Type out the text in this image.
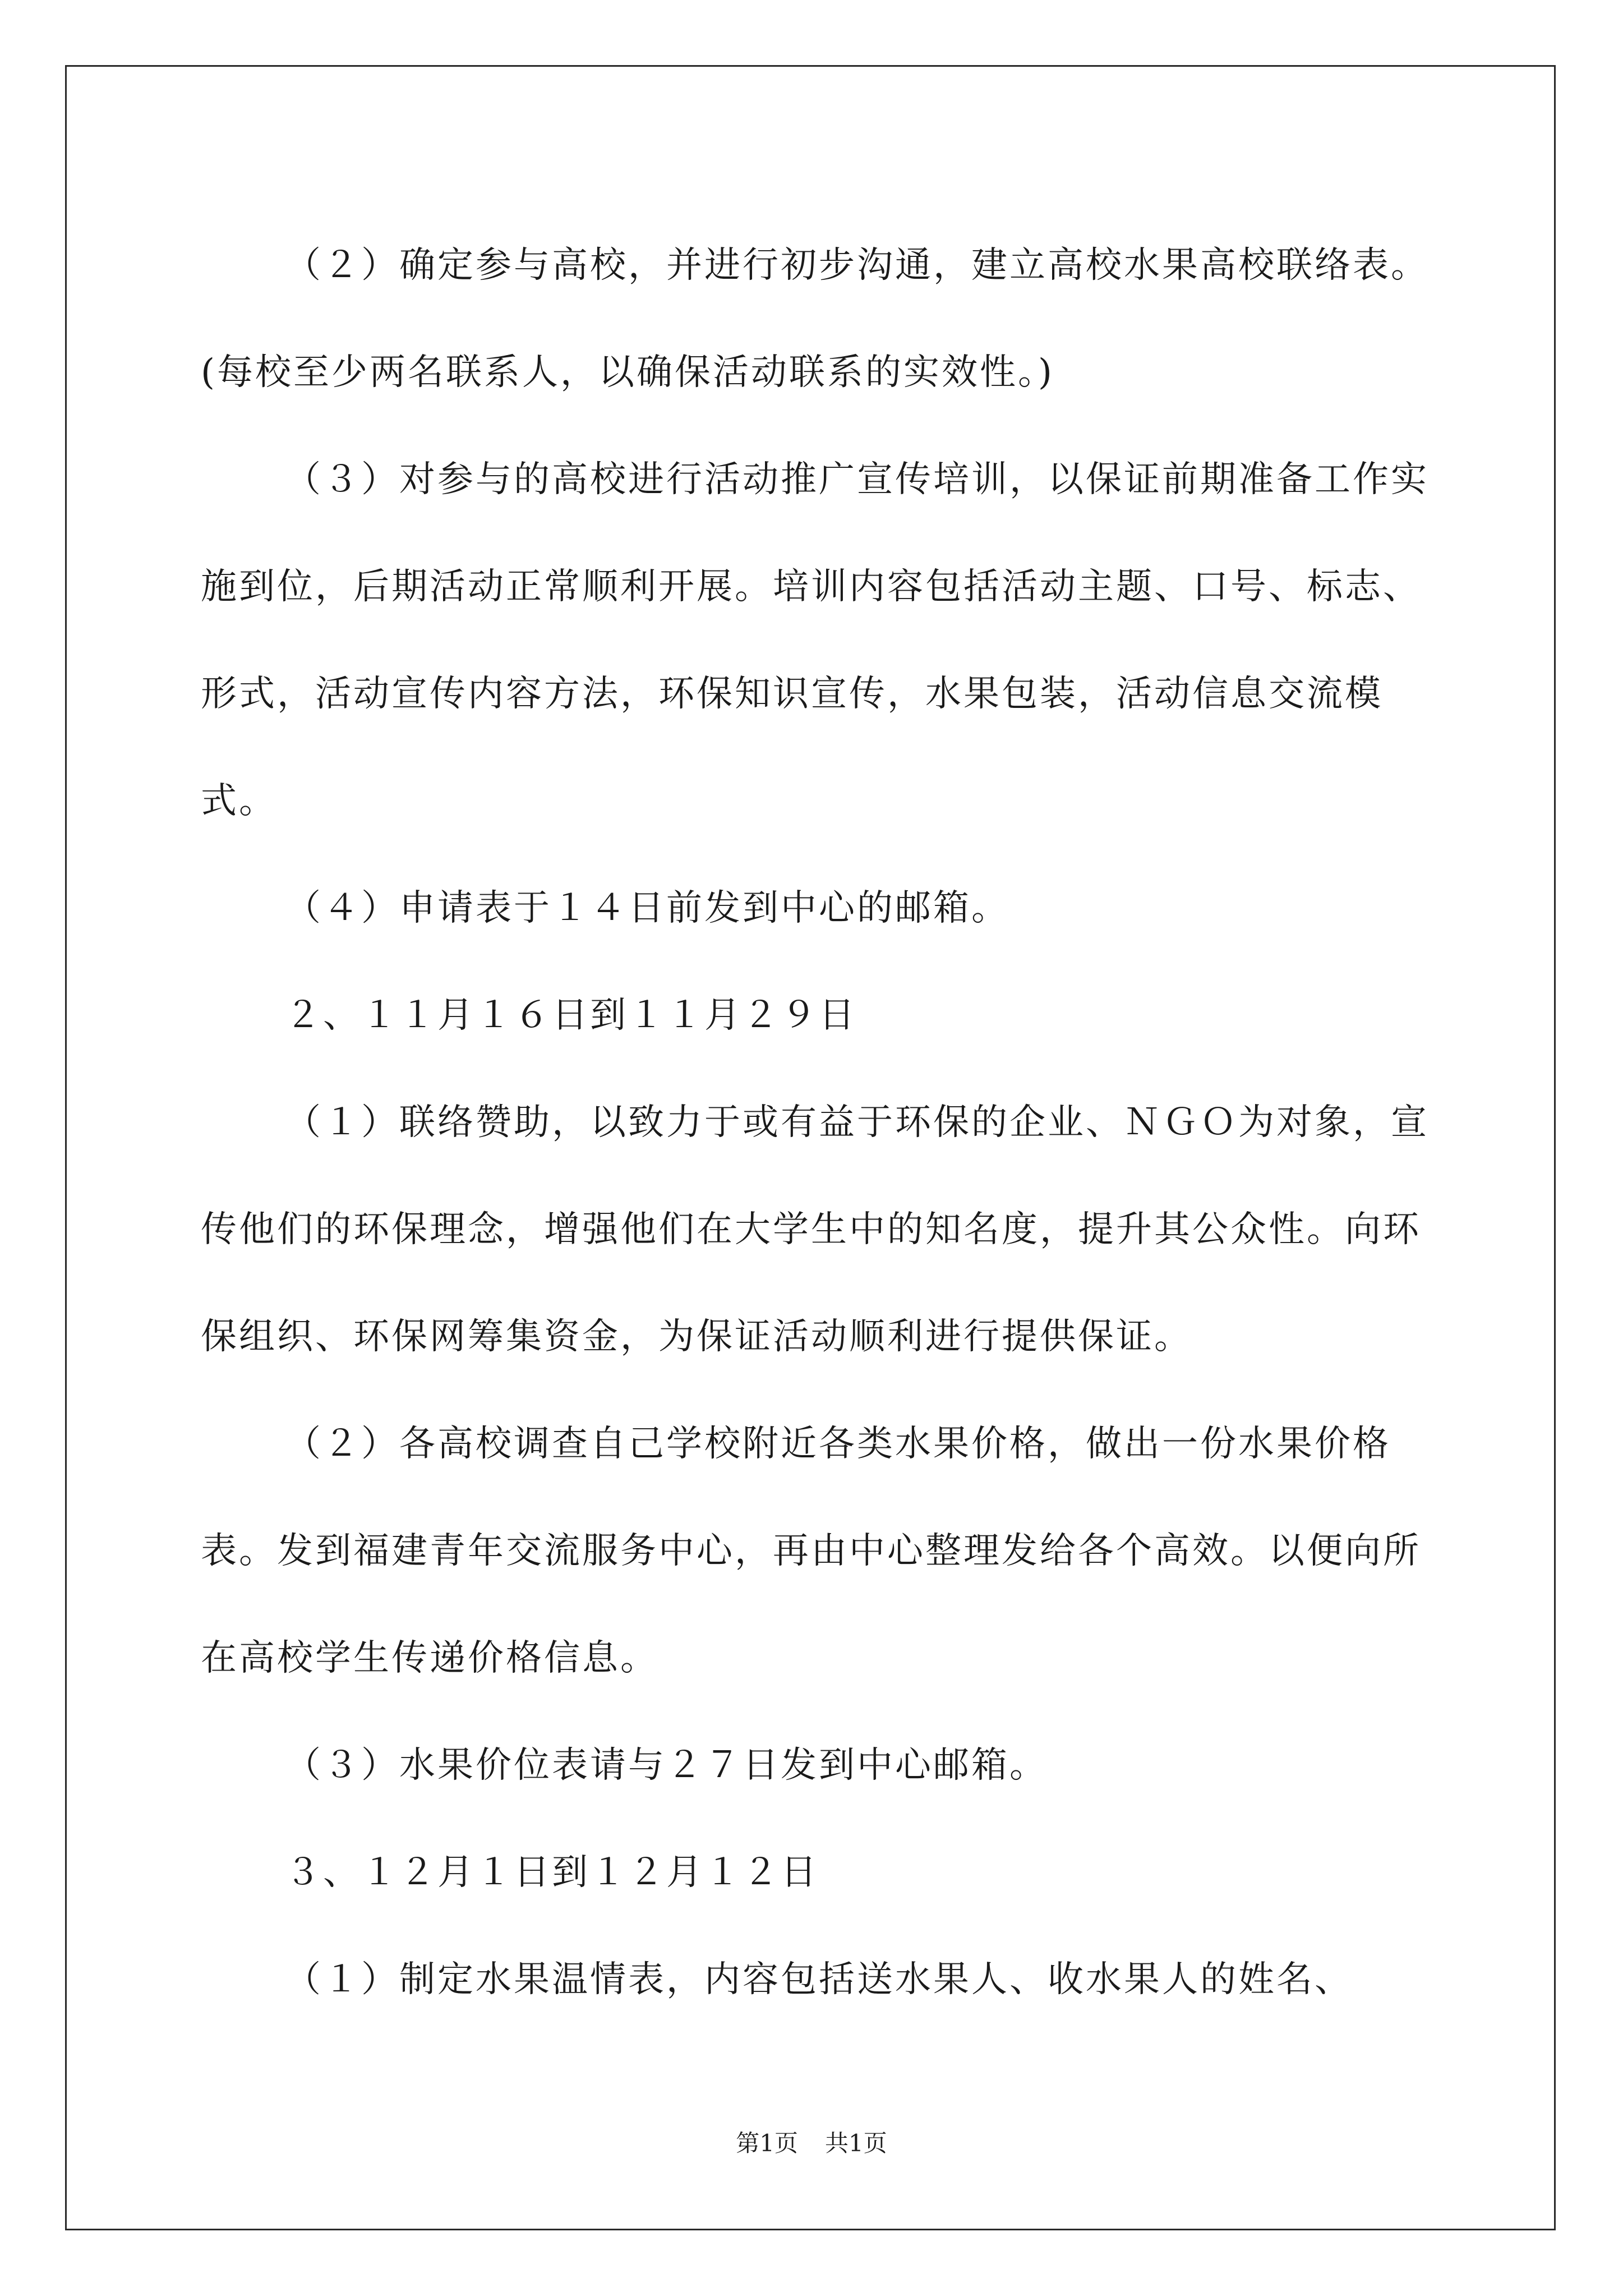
（２）确定参与高校，并进行初步沟通，建立高校水果高校联络表。(每校至少两名联系人，以确保活动联系的实效性。)

（３）对参与的高校进行活动推广宣传培训，以保证前期准备工作实施到位，后期活动正常顺利开展。培训内容包括活动主题、口号、标志、形式，活动宣传内容方法，环保知识宣传，水果包装，活动信息交流模式。

（４）申请表于１４日前发到中心的邮箱。

２、１１月１６日到１１月２９日

（１）联络赞助，以致力于或有益于环保的企业、ＮＧＯ为对象，宣传他们的环保理念，增强他们在大学生中的知名度，提升其公众性。向环保组织、环保网筹集资金，为保证活动顺利进行提供保证。

（２）各高校调查自己学校附近各类水果价格，做出一份水果价格表。发到福建青年交流服务中心，再由中心整理发给各个高效。以便向所在高校学生传递价格信息。

（３）水果价位表请与２７日发到中心邮箱。

３、１２月１日到１２月１２日

（１）制定水果温情表，内容包括送水果人、收水果人的姓名、

第1页 共1页
